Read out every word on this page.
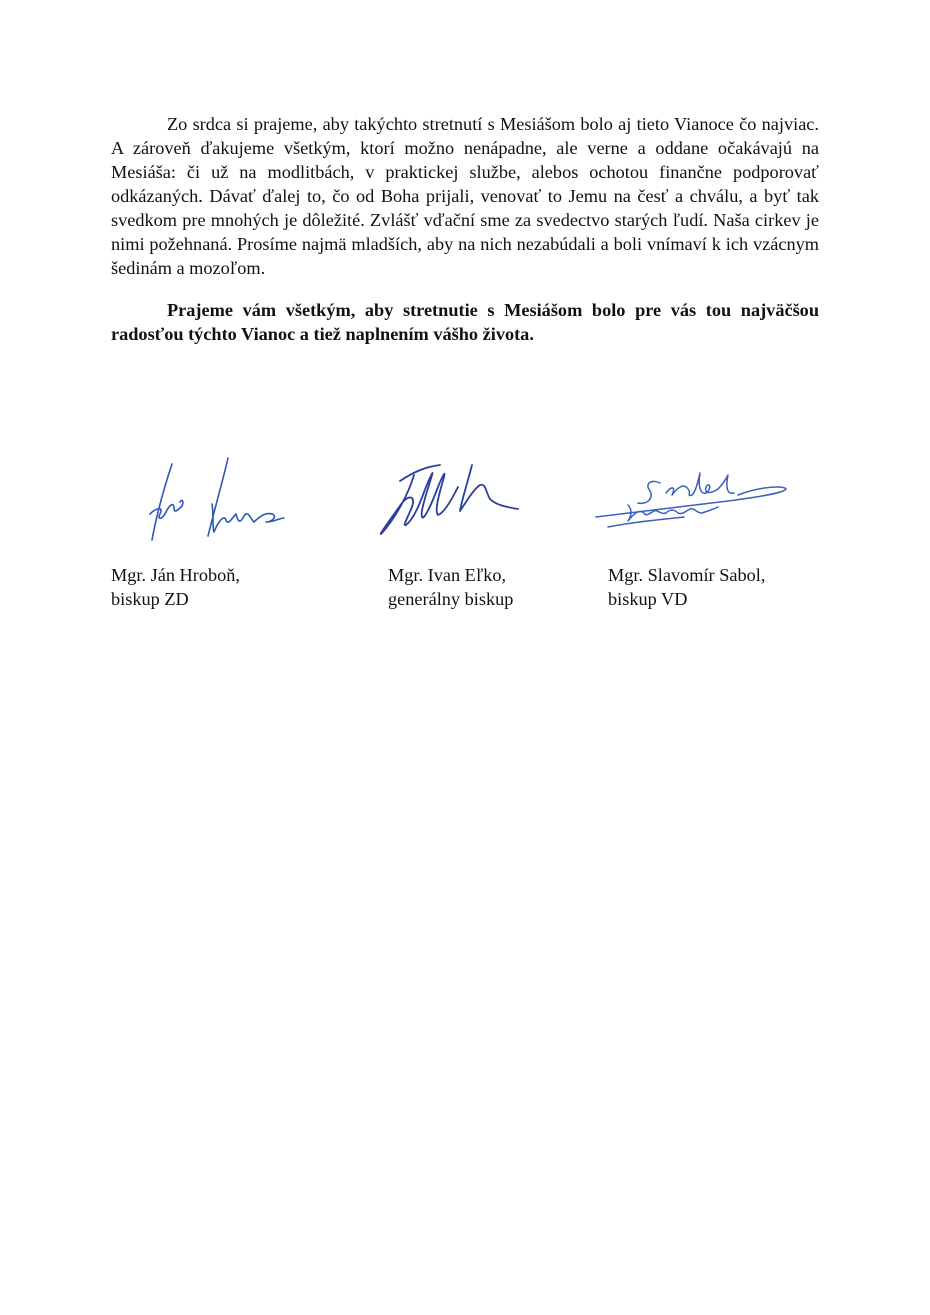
Zo srdca si prajeme, aby takýchto stretnutí s Mesiášom bolo aj tieto Vianoce čo najviac. A zároveň ďakujeme všetkým, ktorí možno nenápadne, ale verne a oddane očakávajú na Mesiáša: či už na modlitbách, v praktickej službe, alebos ochotou finančne podporovať odkázaných. Dávať ďalej to, čo od Boha prijali, venovať to Jemu na česť a chválu, a byť tak svedkom pre mnohých je dôležité. Zvlášť vďační sme za svedectvo starých ľudí. Naša cirkev je nimi požehnaná. Prosíme najmä mladších, aby na nich nezabúdali a boli vnímaví k ich vzácnym šedinám a mozoľom.

Prajeme vám všetkým, aby stretnutie s Mesiášom bolo pre vás tou najväčšou radosťou týchto Vianoc a tiež naplnením vášho života.

Mgr. Ján Hroboň,
biskup ZD
Mgr. Ivan Eľko,
generálny biskup
Mgr. Slavomír Sabol,
biskup VD
